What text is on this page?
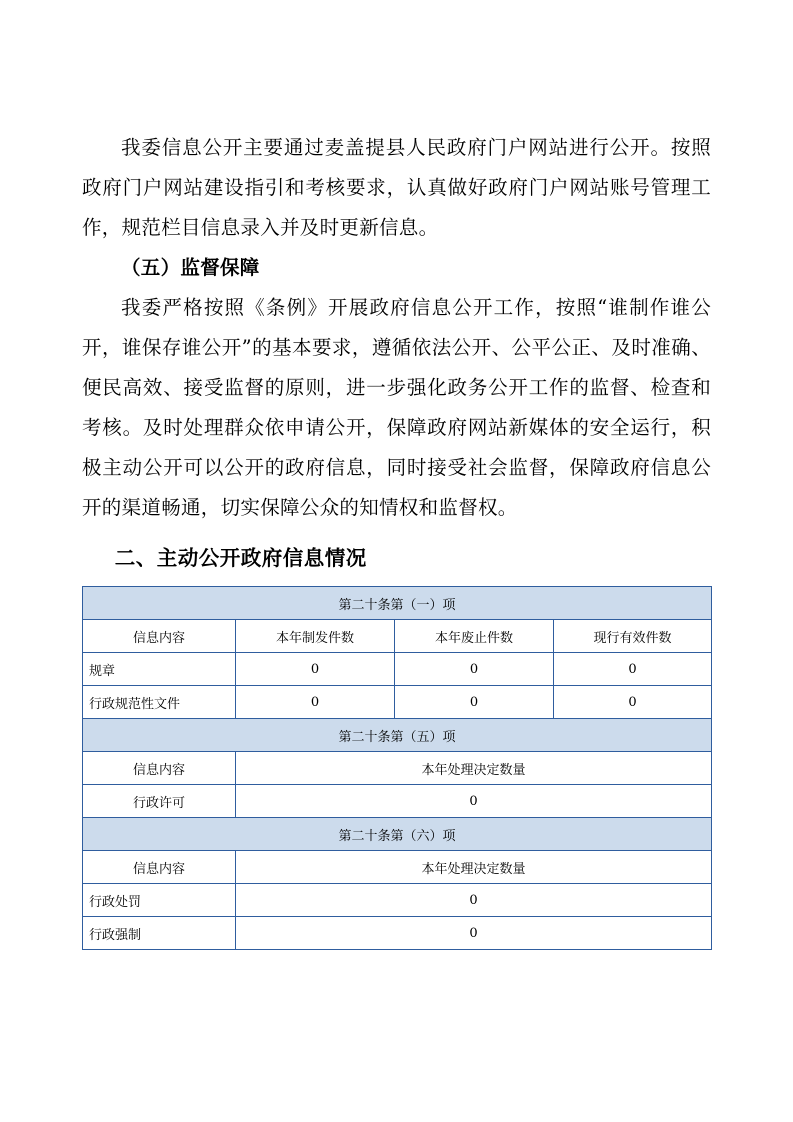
我委信息公开主要通过麦盖提县人民政府门户网站进行公开。按照政府门户网站建设指引和考核要求，认真做好政府门户网站账号管理工作，规范栏目信息录入并及时更新信息。

（五）监督保障

我委严格按照《条例》开展政府信息公开工作，按照“谁制作谁公开，谁保存谁公开”的基本要求，遵循依法公开、公平公正、及时准确、便民高效、接受监督的原则，进一步强化政务公开工作的监督、检查和考核。及时处理群众依申请公开，保障政府网站新媒体的安全运行，积极主动公开可以公开的政府信息，同时接受社会监督，保障政府信息公开的渠道畅通，切实保障公众的知情权和监督权。

二、主动公开政府信息情况

第二十条第（一）项			
信息内容	本年制发件数	本年废止件数	现行有效件数
规章	0	0	0
行政规范性文件	0	0	0
第二十条第（五）项			
信息内容	本年处理决定数量		
行政许可	0		
第二十条第（六）项			
信息内容	本年处理决定数量		
行政处罚	0		
行政强制	0		
